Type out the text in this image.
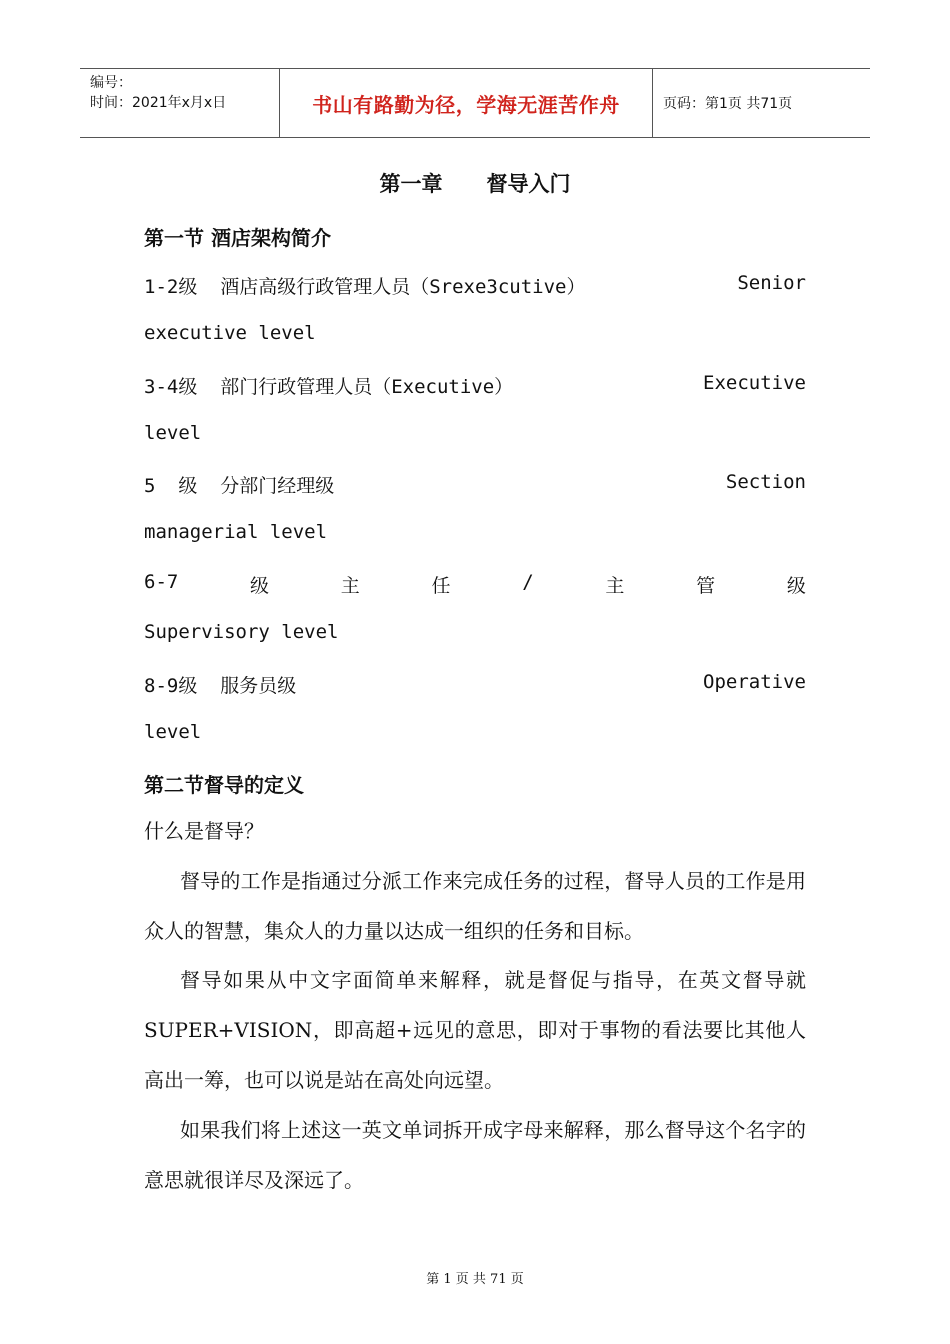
编号：
时间：2021年x月x日	书山有路勤为径，学海无涯苦作舟	页码：第1页 共71页
第一章 督导入门
第一节 酒店架构简介
1-2级  酒店高级行政管理人员（Srexe3cutive）	Senior
executive level
3-4级  部门行政管理人员（Executive）	Executive
level
5  级  分部门经理级	Section
managerial level
6-7	级	主	任	/	主	管	级
Supervisory level
8-9级  服务员级	Operative
level
第二节督导的定义
什么是督导？
督导的工作是指通过分派工作来完成任务的过程，督导人员的工作是用众人的智慧，集众人的力量以达成一组织的任务和目标。
督导如果从中文字面简单来解释，就是督促与指导，在英文督导就SUPER+VISION，即高超+远见的意思，即对于事物的看法要比其他人高出一筹，也可以说是站在高处向远望。
如果我们将上述这一英文单词拆开成字母来解释，那么督导这个名字的意思就很详尽及深远了。
第 1 页 共 71 页
